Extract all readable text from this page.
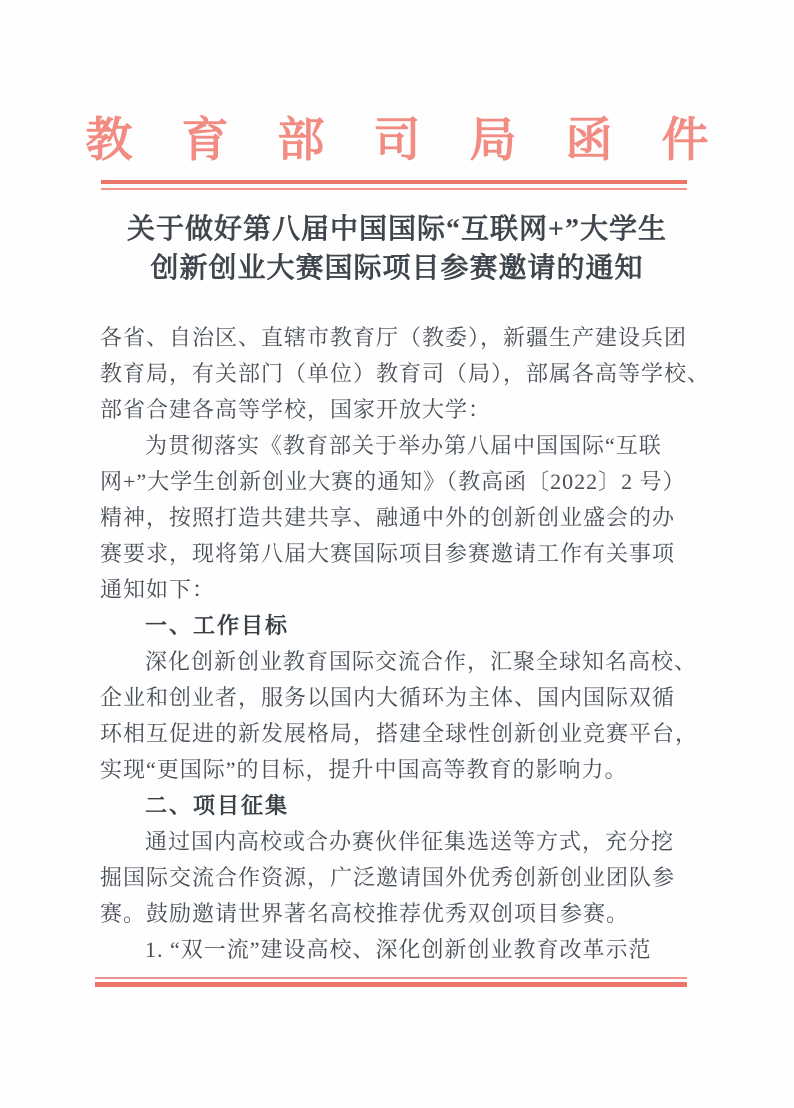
教育部司局函件
关于做好第八届中国国际“互联网+”大学生
创新创业大赛国际项目参赛邀请的通知
各省、自治区、直辖市教育厅（教委），新疆生产建设兵团
教育局，有关部门（单位）教育司（局），部属各高等学校、
部省合建各高等学校，国家开放大学：
为贯彻落实《教育部关于举办第八届中国国际“互联
网+”大学生创新创业大赛的通知》（教高函〔2022〕2 号）
精神，按照打造共建共享、融通中外的创新创业盛会的办
赛要求，现将第八届大赛国际项目参赛邀请工作有关事项
通知如下：
一、工作目标
深化创新创业教育国际交流合作，汇聚全球知名高校、
企业和创业者，服务以国内大循环为主体、国内国际双循
环相互促进的新发展格局，搭建全球性创新创业竞赛平台，
实现“更国际”的目标，提升中国高等教育的影响力。
二、项目征集
通过国内高校或合办赛伙伴征集选送等方式，充分挖
掘国际交流合作资源，广泛邀请国外优秀创新创业团队参
赛。鼓励邀请世界著名高校推荐优秀双创项目参赛。
1. “双一流”建设高校、深化创新创业教育改革示范
